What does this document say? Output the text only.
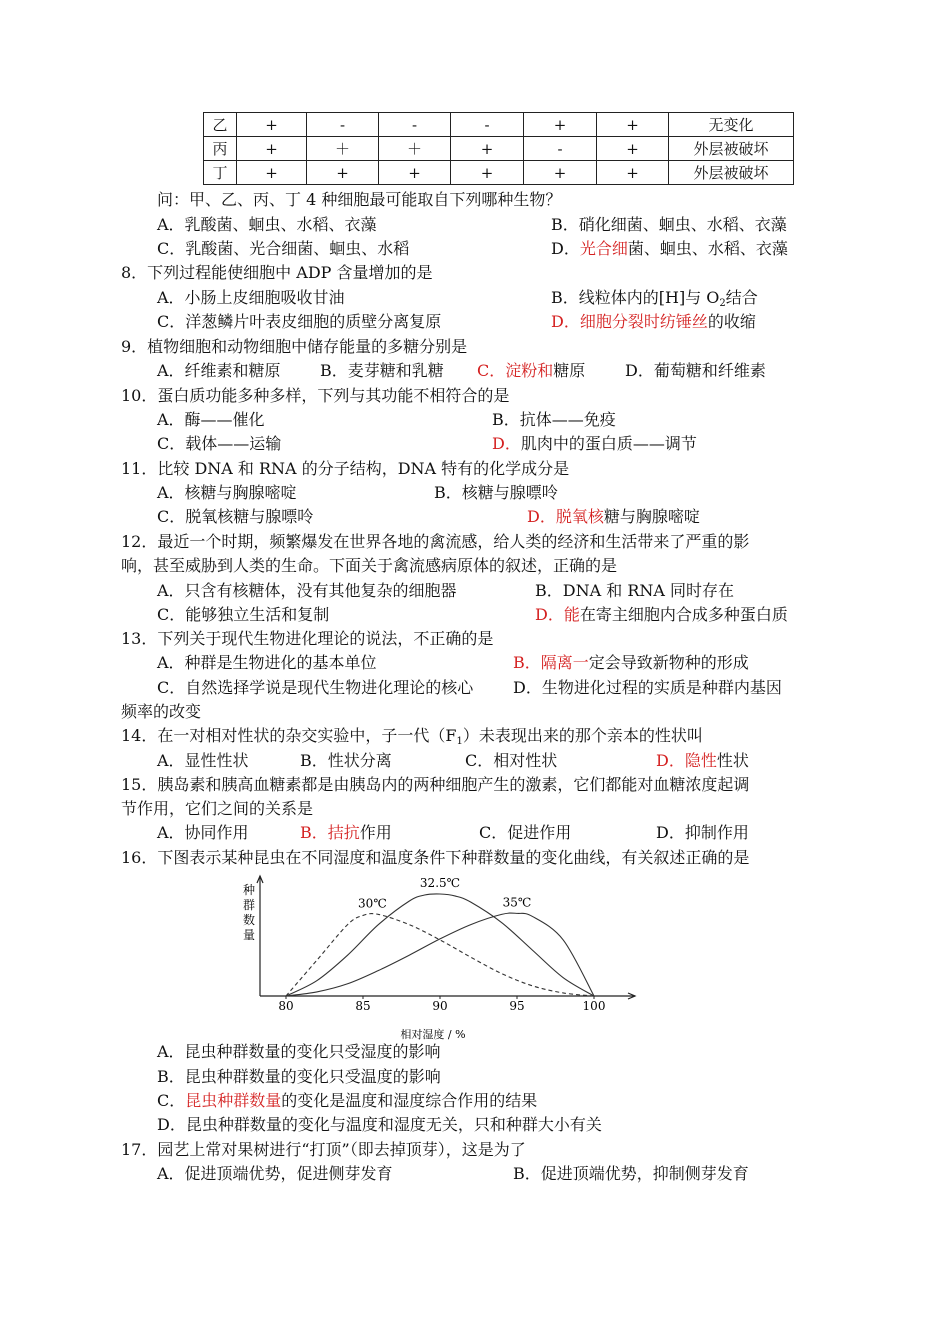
乙	+	-	-	-	+	+	无变化
丙	+	＋	＋	+	-	+	外层被破坏
丁	+	+	+	+	+	+	外层被破坏
问：甲、乙、丙、丁 4 种细胞最可能取自下列哪种生物？
A．乳酸菌、蛔虫、水稻、衣藻	B．硝化细菌、蛔虫、水稻、衣藻
C．乳酸菌、光合细菌、蛔虫、水稻	D．光合细菌、蛔虫、水稻、衣藻
8．下列过程能使细胞中 ADP 含量增加的是
A．小肠上皮细胞吸收甘油	B．线粒体内的[H]与 $O_2$结合
C．洋葱鳞片叶表皮细胞的质壁分离复原	D．细胞分裂时纺锤丝的收缩
9．植物细胞和动物细胞中储存能量的多糖分别是
A．纤维素和糖原 B．麦芽糖和乳糖 C．淀粉和糖原 D．葡萄糖和纤维素
10．蛋白质功能多种多样，下列与其功能不相符合的是
A．酶——催化	B．抗体——免疫
C．载体——运输	D．肌肉中的蛋白质——调节
11．比较 DNA 和 RNA 的分子结构，DNA 特有的化学成分是
A．核糖与胸腺嘧啶	B．核糖与腺嘌呤
C．脱氧核糖与腺嘌呤	D．脱氧核糖与胸腺嘧啶
12．最近一个时期，频繁爆发在世界各地的禽流感，给人类的经济和生活带来了严重的影
响，甚至威胁到人类的生命。下面关于禽流感病原体的叙述，正确的是
A．只含有核糖体，没有其他复杂的细胞器	B．DNA 和 RNA 同时存在
C．能够独立生活和复制	D．能在寄主细胞内合成多种蛋白质
13．下列关于现代生物进化理论的说法，不正确的是
A．种群是生物进化的基本单位	B．隔离一定会导致新物种的形成
C．自然选择学说是现代生物进化理论的核心 D．生物进化过程的实质是种群内基因
频率的改变
14．在一对相对性状的杂交实验中，子一代$(F_1)$未表现出来的那个亲本的性状叫
A．显性性状	B．性状分离	C．相对性状	D．隐性性状
15．胰岛素和胰高血糖素都是由胰岛内的两种细胞产生的激素，它们都能对血糖浓度起调
节作用，它们之间的关系是
A．协同作用	B．拮抗作用	C．促进作用	D．抑制作用
16．下图表示某种昆虫在不同湿度和温度条件下种群数量的变化曲线，有关叙述正确的是
种
群
数
量
80	85	90	95	100
30℃
32.5℃
35℃
相对湿度 / %
A．昆虫种群数量的变化只受湿度的影响
B．昆虫种群数量的变化只受温度的影响
C．昆虫种群数量的变化是温度和湿度综合作用的结果
D．昆虫种群数量的变化与温度和湿度无关，只和种群大小有关
17．园艺上常对果树进行“打顶”（即去掉顶芽），这是为了
A．促进顶端优势，促进侧芽发育	B．促进顶端优势，抑制侧芽发育
